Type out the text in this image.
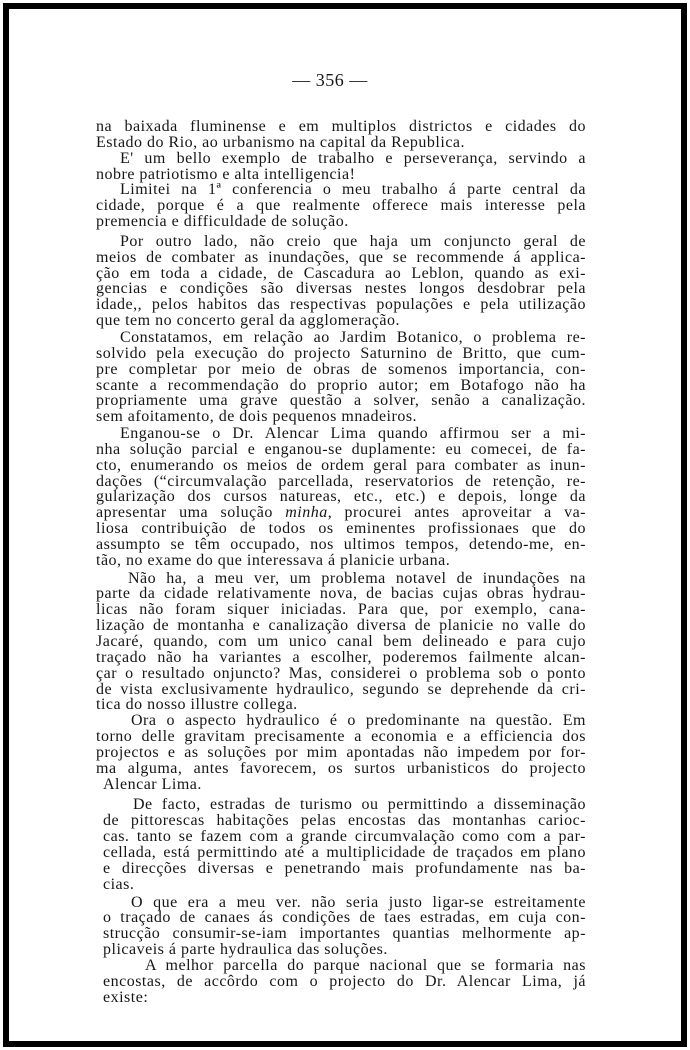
— 356 —
na baixada fluminense e em multiplos districtos e cidades do
Estado do Rio, ao urbanismo na capital da Republica.
E' um bello exemplo de trabalho e perseverança, servindo a
nobre patriotismo e alta intelligencia!
Limitei na 1ª conferencia o meu trabalho á parte central da
cidade, porque é a que realmente offerece mais interesse pela
premencia e difficuldade de solução.
Por outro lado, não creio que haja um conjuncto geral de
meios de combater as inundações, que se recommende á applica-
ção em toda a cidade, de Cascadura ao Leblon, quando as exi-
gencias e condições são diversas nestes longos desdobrar pela
idade,, pelos habitos das respectivas populações e pela utilização
que tem no concerto geral da agglomeração.
Constatamos, em relação ao Jardim Botanico, o problema re-
solvido pela execução do projecto Saturnino de Britto, que cum-
pre completar por meio de obras de somenos importancia, con-
scante a recommendação do proprio autor; em Botafogo não ha
propriamente uma grave questão a solver, senão a canalização.
sem afoitamento, de dois pequenos mnadeiros.
Enganou-se o Dr. Alencar Lima quando affirmou ser a mi-
nha solução parcial e enganou-se duplamente: eu comecei, de fa-
cto, enumerando os meios de ordem geral para combater as inun-
dações (“circumvalação parcellada, reservatorios de retenção, re-
gularização dos cursos natureas, etc., etc.) e depois, longe da
apresentar uma solução minha, procurei antes aproveitar a va-
liosa contribuição de todos os eminentes profissionaes que do
assumpto se têm occupado, nos ultimos tempos, detendo-me, en-
tão, no exame do que interessava á planicie urbana.
Não ha, a meu ver, um problema notavel de inundações na
parte da cidade relativamente nova, de bacias cujas obras hydrau-
licas não foram siquer iniciadas. Para que, por exemplo, cana-
lização de montanha e canalização diversa de planicie no valle do
Jacaré, quando, com um unico canal bem delineado e para cujo
traçado não ha variantes a escolher, poderemos failmente alcan-
çar o resultado onjuncto? Mas, considerei o problema sob o ponto
de vista exclusivamente hydraulico, segundo se deprehende da cri-
tica do nosso illustre collega.
Ora o aspecto hydraulico é o predominante na questão. Em
torno delle gravitam precisamente a economia e a efficiencia dos
projectos e as soluções por mim apontadas não impedem por for-
ma alguma, antes favorecem, os surtos urbanisticos do projecto
Alencar Lima.
De facto, estradas de turismo ou permittindo a disseminação
de pittorescas habitações pelas encostas das montanhas carioc-
cas. tanto se fazem com a grande circumvalação como com a par-
cellada, está permittindo até a multiplicidade de traçados em plano
e direcções diversas e penetrando mais profundamente nas ba-
cias.
O que era a meu ver. não seria justo ligar-se estreitamente
o traçado de canaes ás condições de taes estradas, em cuja con-
strucção consumir-se-iam importantes quantias melhormente ap-
plicaveis á parte hydraulica das soluções.
A melhor parcella do parque nacional que se formaria nas
encostas, de accôrdo com o projecto do Dr. Alencar Lima, já
existe:
